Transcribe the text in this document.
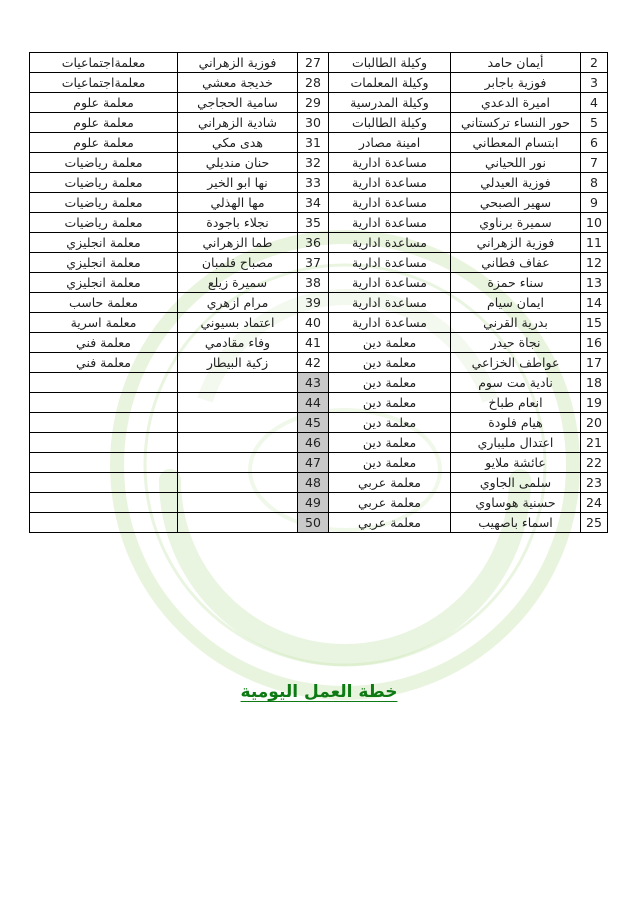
2	أيمان حامد	وكيلة الطالبات	27	فوزية الزهراني	معلمةاجتماعيات
3	فوزية باجابر	وكيلة المعلمات	28	خديجة معشي	معلمةاجتماعيات
4	اميرة الدعدي	وكيلة المدرسية	29	سامية الحجاجي	معلمة علوم
5	حور النساء تركستاني	وكيلة الطالبات	30	شادية الزهراني	معلمة علوم
6	ابتسام المعطاني	امينة مصادر	31	هدى مكي	معلمة علوم
7	نور اللحياني	مساعدة ادارية	32	حنان منديلي	معلمة رياضيات
8	فوزية العيدلي	مساعدة ادارية	33	نها ابو الخير	معلمة رياضيات
9	سهير الصبحي	مساعدة ادارية	34	مها الهذلي	معلمة رياضيات
10	سميرة برناوي	مساعدة ادارية	35	نجلاء باجودة	معلمة رياضيات
11	فوزية الزهراني	مساعدة ادارية	36	طما الزهراني	معلمة انجليزي
12	عفاف فطاني	مساعدة ادارية	37	مصباح فلمبان	معلمة انجليزي
13	سناء حمزة	مساعدة ادارية	38	سميرة زيلع	معلمة انجليزي
14	ايمان سيام	مساعدة ادارية	39	مرام ازهري	معلمة حاسب
15	بدرية القرني	مساعدة ادارية	40	اعتماد بسيوني	معلمة اسرية
16	نجاة حيدر	معلمة دين	41	وفاء مقادمي	معلمة فني
17	عواطف الخزاعي	معلمة دين	42	زكية البيطار	معلمة فني
18	نادية مت سوم	معلمة دين	43		
19	انعام طباخ	معلمة دين	44		
20	هيام فلودة	معلمة دين	45		
21	اعتدال مليباري	معلمة دين	46		
22	عائشة ملايو	معلمة دين	47		
23	سلمى الجاوي	معلمة عربي	48		
24	حسنية هوساوي	معلمة عربي	49		
25	اسماء باصهيب	معلمة عربي	50		
خطة العمل اليومية
